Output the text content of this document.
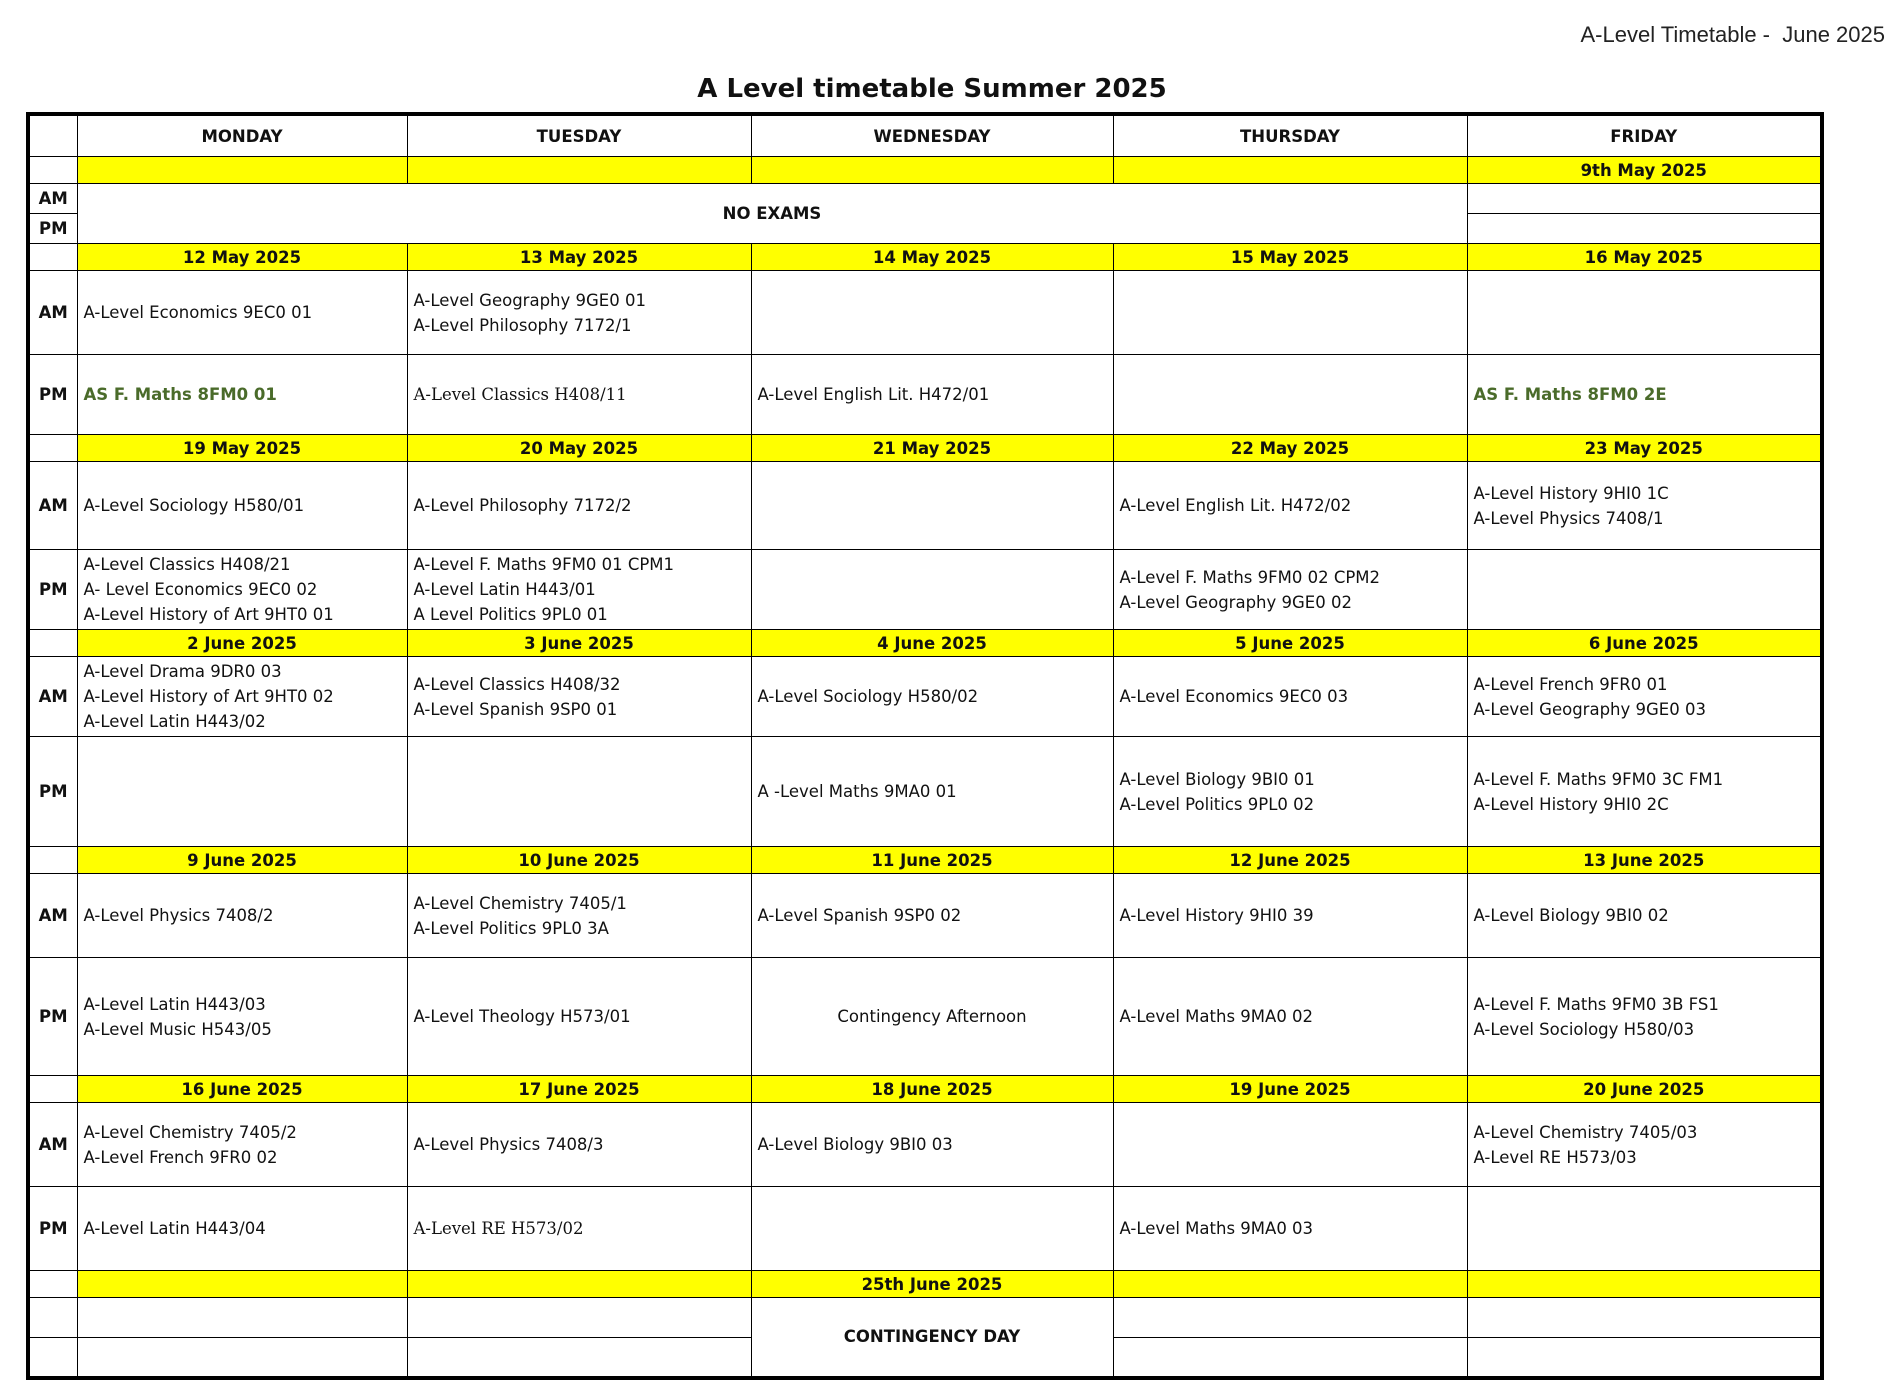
A-Level Timetable -  June 2025
A Level timetable Summer 2025
	MONDAY	TUESDAY	WEDNESDAY	THURSDAY	FRIDAY
					9th May 2025
AM	NO EXAMS				
PM					
	12 May 2025	13 May 2025	14 May 2025	15 May 2025	16 May 2025
AM	A-Level Economics 9EC0 01	A-Level Geography 9GE0 01
A-Level Philosophy 7172/1			

PM	AS F. Maths 8FM0 01	A-Level Classics H408/11	A-Level English Lit. H472/01		AS F. Maths 8FM0 2E

	19 May 2025	20 May 2025	21 May 2025	22 May 2025	23 May 2025
AM	A-Level Sociology H580/01	A-Level Philosophy 7172/2		A-Level English Lit. H472/02	A-Level History 9HI0 1C
A-Level Physics 7408/1

PM	A-Level Classics H408/21
A- Level Economics 9EC0 02
A-Level History of Art 9HT0 01	A-Level F. Maths 9FM0 01 CPM1
A-Level Latin H443/01
A Level Politics 9PL0 01		A-Level F. Maths 9FM0 02 CPM2
A-Level Geography 9GE0 02	

	2 June 2025	3 June 2025	4 June 2025	5 June 2025	6 June 2025
AM	A-Level Drama 9DR0 03
A-Level History of Art 9HT0 02
A-Level Latin H443/02	A-Level Classics H408/32
A-Level Spanish 9SP0 01	A-Level Sociology H580/02	A-Level Economics 9EC0 03	A-Level French 9FR0 01
A-Level Geography 9GE0 03

PM			A -Level Maths 9MA0 01	A-Level Biology 9BI0 01
A-Level Politics 9PL0 02	A-Level F. Maths 9FM0 3C FM1
A-Level History 9HI0 2C

	9 June 2025	10 June 2025	11 June 2025	12 June 2025	13 June 2025
AM	A-Level Physics 7408/2	A-Level Chemistry 7405/1
A-Level Politics 9PL0 3A	A-Level Spanish 9SP0 02	A-Level History 9HI0 39	A-Level Biology 9BI0 02

PM	A-Level Latin H443/03
A-Level Music H543/05	A-Level Theology H573/01	Contingency Afternoon	A-Level Maths 9MA0 02	A-Level F. Maths 9FM0 3B FS1
A-Level Sociology H580/03

	16 June 2025	17 June 2025	18 June 2025	19 June 2025	20 June 2025
AM	A-Level Chemistry 7405/2
A-Level French 9FR0 02	A-Level Physics 7408/3	A-Level Biology 9BI0 03		A-Level Chemistry 7405/03
A-Level RE H573/03

PM	A-Level Latin H443/04	A-Level RE H573/02		A-Level Maths 9MA0 03	

			25th June 2025		
			CONTINGENCY DAY		
